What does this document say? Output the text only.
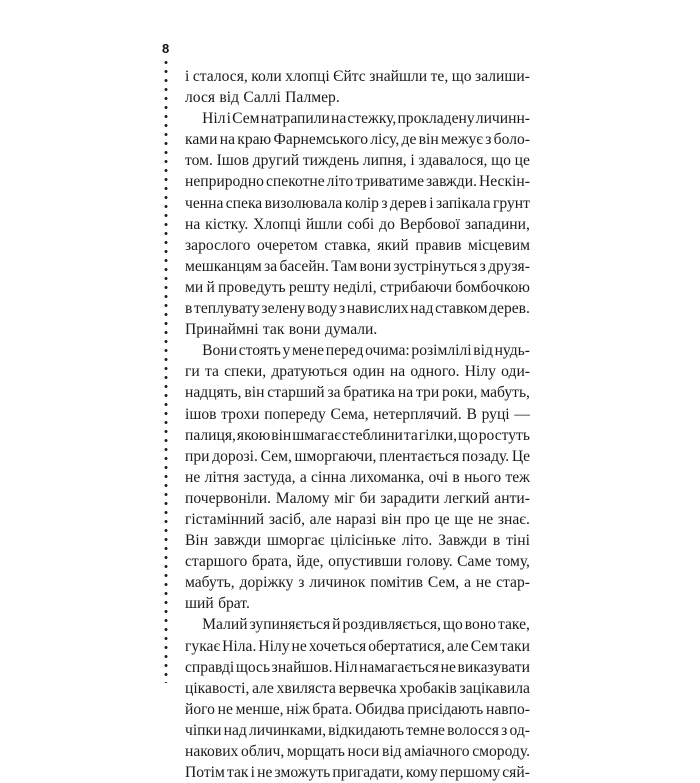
8
і сталося, коли хлопці Єйтс знайшли те, що залиши-
лося від Саллі Палмер.
Ніл і Сем натрапили на стежку, прокладену личинн-
ками на краю Фарнемського лісу, де він межує з боло-
том. Ішов другий тиждень липня, і здавалося, що це
неприродно спекотне літо триватиме завжди. Нескін-
ченна спека визолювала колір з дерев і запікала грунт
на кістку. Хлопці йшли собі до Вербової западини,
зарослого очеретом ставка, який правив місцевим
мешканцям за басейн. Там вони зустрінуться з друзя-
ми й проведуть решту неділі, стрибаючи бомбочкою
в теплувату зелену воду з навислих над ставком дерев.
Принаймні так вони думали.
Вони стоять у мене перед очима: розімлілі від нудь-
ги та спеки, дратуються один на одного. Нілу оди-
надцять, він старший за братика на три роки, мабуть,
ішов трохи попереду Сема, нетерплячий. В руці —
палиця, якою він шмагає стеблини та гілки, що ростуть
при дорозі. Сем, шморгаючи, плентається позаду. Це
не літня застуда, а сінна лихоманка, очі в нього теж
почервоніли. Малому міг би зарадити легкий анти-
гістамінний засіб, але наразі він про це ще не знає.
Він завжди шморгає цілісіньке літо. Завжди в тіні
старшого брата, йде, опустивши голову. Саме тому,
мабуть, доріжку з личинок помітив Сем, а не стар-
ший брат.
Малий зупиняється й роздивляється, що воно таке,
гукає Ніла. Нілу не хочеться обертатися, але Сем таки
справді щось знайшов. Ніл намагається не виказувати
цікавості, але хвиляста вервечка хробаків зацікавила
його не менше, ніж брата. Обидва присідають навпо-
чіпки над личинками, відкидають темне волосся з од-
накових облич, морщать носи від аміачного смороду.
Потім так і не зможуть пригадати, кому першому сяй-
